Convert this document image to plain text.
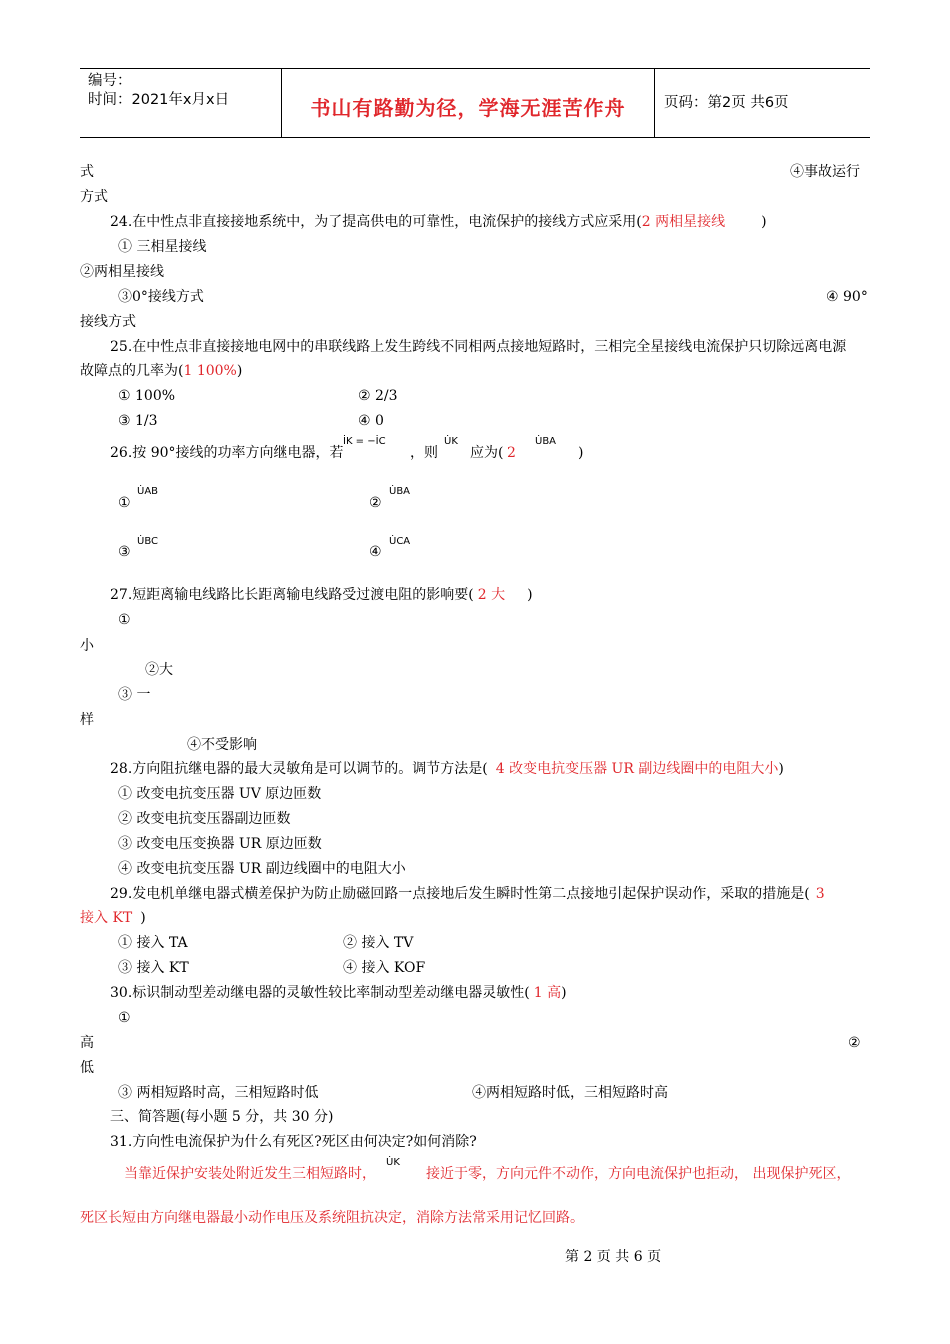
编号：
时间：2021年x月x日	书山有路勤为径，学海无涯苦作舟	页码：第2页 共6页
式	④事故运行
方式
24.在中性点非直接接地系统中，为了提高供电的可靠性，电流保护的接线方式应采用(2 两相星接线	)
① 三相星接线
②两相星接线
③0°接线方式	④ 90°
接线方式
25.在中性点非直接接地电网中的串联线路上发生跨线不同相两点接地短路时，三相完全星接线电流保护只切除远离电源
故障点的几率为(1 100%)
① 100%	② 2/3
③ 1/3	④ 0
26.按 90°接线的功率方向继电器，若
İK = −İC
，则
U̇K
应为( 2
U̇BA
)
①
U̇AB
②
U̇BA
③
U̇BC
④
U̇CA
27.短距离输电线路比长距离输电线路受过渡电阻的影响要( 2 大 )
①
小
②大
③ 一
样
④不受影响
28.方向阻抗继电器的最大灵敏角是可以调节的。调节方法是( 4 改变电抗变压器 UR 副边线圈中的电阻大小)
① 改变电抗变压器 UV 原边匝数
② 改变电抗变压器副边匝数
③ 改变电压变换器 UR 原边匝数
④ 改变电抗变压器 UR 副边线圈中的电阻大小
29.发电机单继电器式横差保护为防止励磁回路一点接地后发生瞬时性第二点接地引起保护误动作，采取的措施是( 3
接入 KT )
① 接入 TA	② 接入 TV
③ 接入 KT	④ 接入 KOF
30.标识制动型差动继电器的灵敏性较比率制动型差动继电器灵敏性( 1 高)
①
高	②
低
③ 两相短路时高，三相短路时低	④两相短路时低，三相短路时高
三、简答题(每小题 5 分，共 30 分)
31.方向性电流保护为什么有死区?死区由何决定?如何消除?
当靠近保护安装处附近发生三相短路时，
U̇K
接近于零，方向元件不动作，方向电流保护也拒动， 出现保护死区，
死区长短由方向继电器最小动作电压及系统阻抗决定，消除方法常采用记忆回路。
第 2 页 共 6 页
